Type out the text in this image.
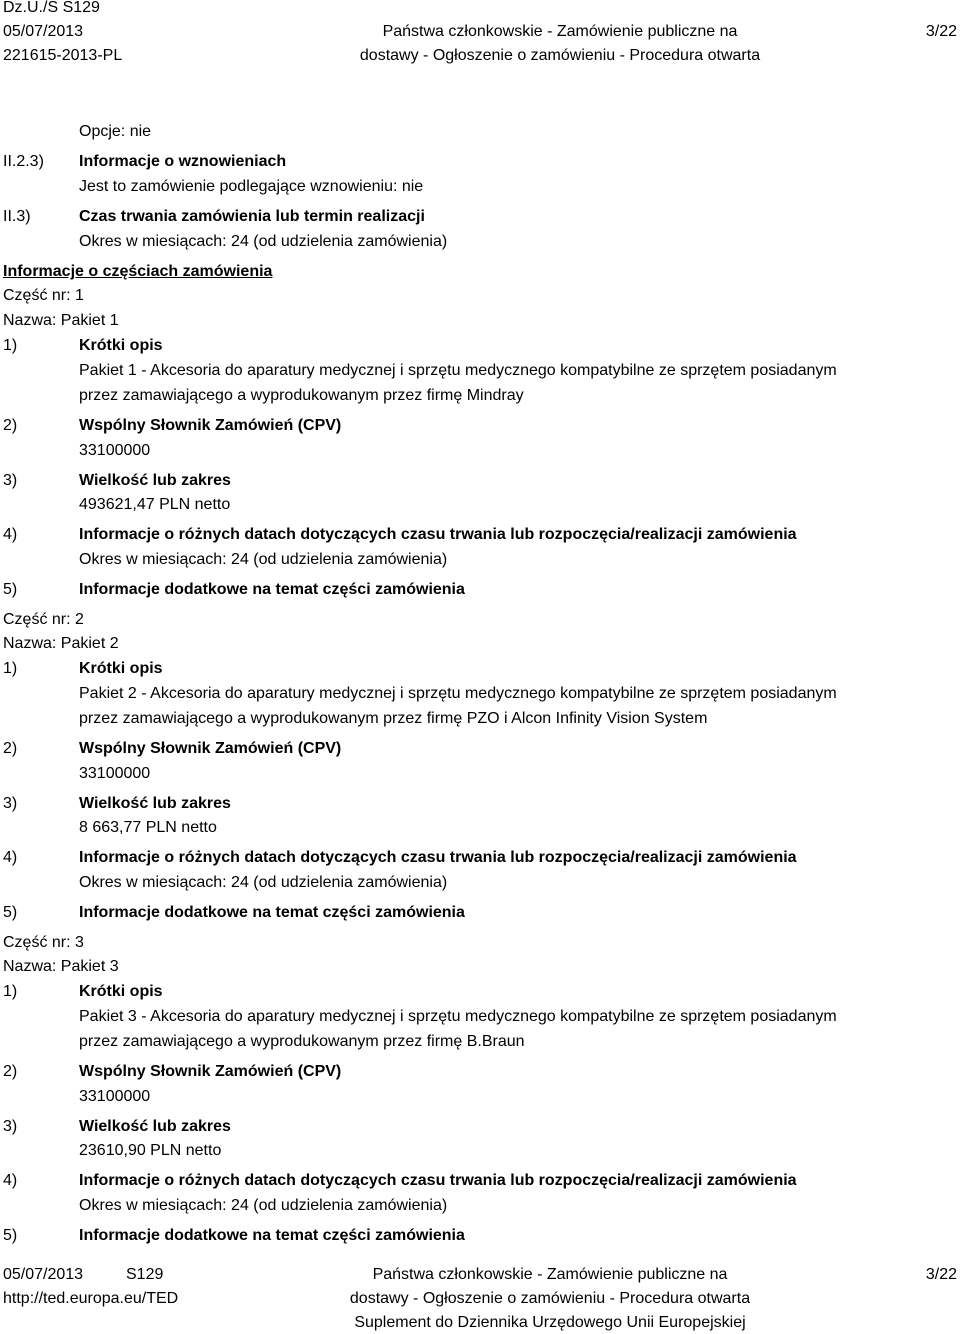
Dz.U./S S129
05/07/2013
221615-2013-PL
Państwa członkowskie - Zamówienie publiczne na
dostawy - Ogłoszenie o zamówieniu - Procedura otwarta
3/22
Opcje: nie
II.2.3) Informacje o wznowieniach
Jest to zamówienie podlegające wznowieniu: nie
II.3)	Czas trwania zamówienia lub termin realizacji
Okres w miesiącach: 24 (od udzielenia zamówienia)
Informacje o częściach zamówienia
Część nr: 1
Nazwa: Pakiet 1
1)	Krótki opis
Pakiet 1 - Akcesoria do aparatury medycznej i sprzętu medycznego kompatybilne ze sprzętem posiadanym
przez zamawiającego a wyprodukowanym przez firmę Mindray
2)	Wspólny Słownik Zamówień (CPV)
33100000
3)	Wielkość lub zakres
493621,47 PLN netto
4)	Informacje o różnych datach dotyczących czasu trwania lub rozpoczęcia/realizacji zamówienia
Okres w miesiącach: 24 (od udzielenia zamówienia)
5)	Informacje dodatkowe na temat części zamówienia
Część nr: 2
Nazwa: Pakiet 2
1)	Krótki opis
Pakiet 2 - Akcesoria do aparatury medycznej i sprzętu medycznego kompatybilne ze sprzętem posiadanym
przez zamawiającego a wyprodukowanym przez firmę PZO i Alcon Infinity Vision System
2)	Wspólny Słownik Zamówień (CPV)
33100000
3)	Wielkość lub zakres
8 663,77 PLN netto
4)	Informacje o różnych datach dotyczących czasu trwania lub rozpoczęcia/realizacji zamówienia
Okres w miesiącach: 24 (od udzielenia zamówienia)
5)	Informacje dodatkowe na temat części zamówienia
Część nr: 3
Nazwa: Pakiet 3
1)	Krótki opis
Pakiet 3 - Akcesoria do aparatury medycznej i sprzętu medycznego kompatybilne ze sprzętem posiadanym
przez zamawiającego a wyprodukowanym przez firmę B.Braun
2)	Wspólny Słownik Zamówień (CPV)
33100000
3)	Wielkość lub zakres
23610,90 PLN netto
4)	Informacje o różnych datach dotyczących czasu trwania lub rozpoczęcia/realizacji zamówienia
Okres w miesiącach: 24 (od udzielenia zamówienia)
5)	Informacje dodatkowe na temat części zamówienia
05/07/2013	S129
http://ted.europa.eu/TED
Państwa członkowskie - Zamówienie publiczne na
dostawy - Ogłoszenie o zamówieniu - Procedura otwarta
Suplement do Dziennika Urzędowego Unii Europejskiej
3/22
